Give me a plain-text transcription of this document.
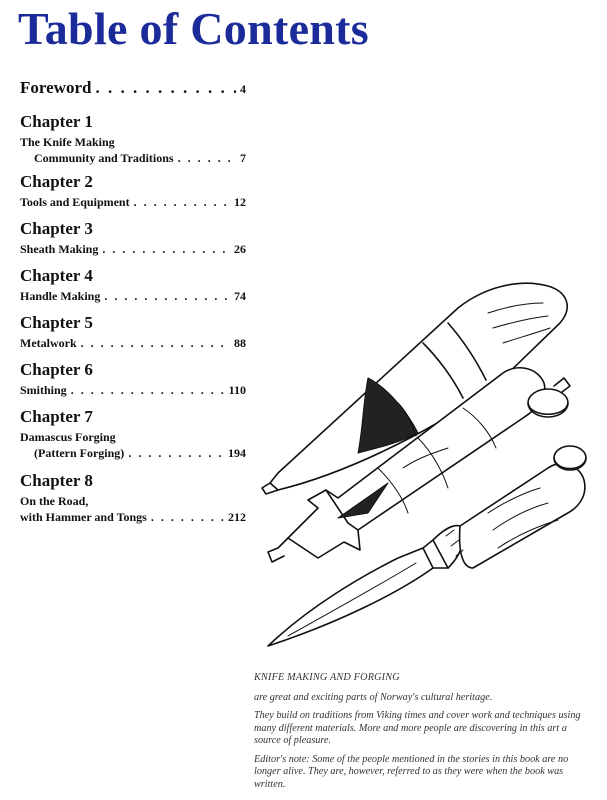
Table of Contents
Foreword . . .	4
Chapter 1
The Knife Making
Community and Traditions . . .	7
Chapter 2
Tools and Equipment . . .	12
Chapter 3
Sheath Making . . .	26
Chapter 4
Handle Making . . .	74
Chapter 5
Metalwork . . .	88
Chapter 6
Smithing . . .	110
Chapter 7
Damascus Forging
(Pattern Forging) . . .	194
Chapter 8
On the Road,
with Hammer and Tongs . . .	212

KNIFE MAKING AND FORGING

are great and exciting parts of Norway's cultural heritage.

They build on traditions from Viking times and cover work and techniques using many different materials. More and more people are discovering in this art a source of pleasure.

Editor's note: Some of the people mentioned in the stories in this book are no longer alive. They are, however, referred to as they were when the book was written.
